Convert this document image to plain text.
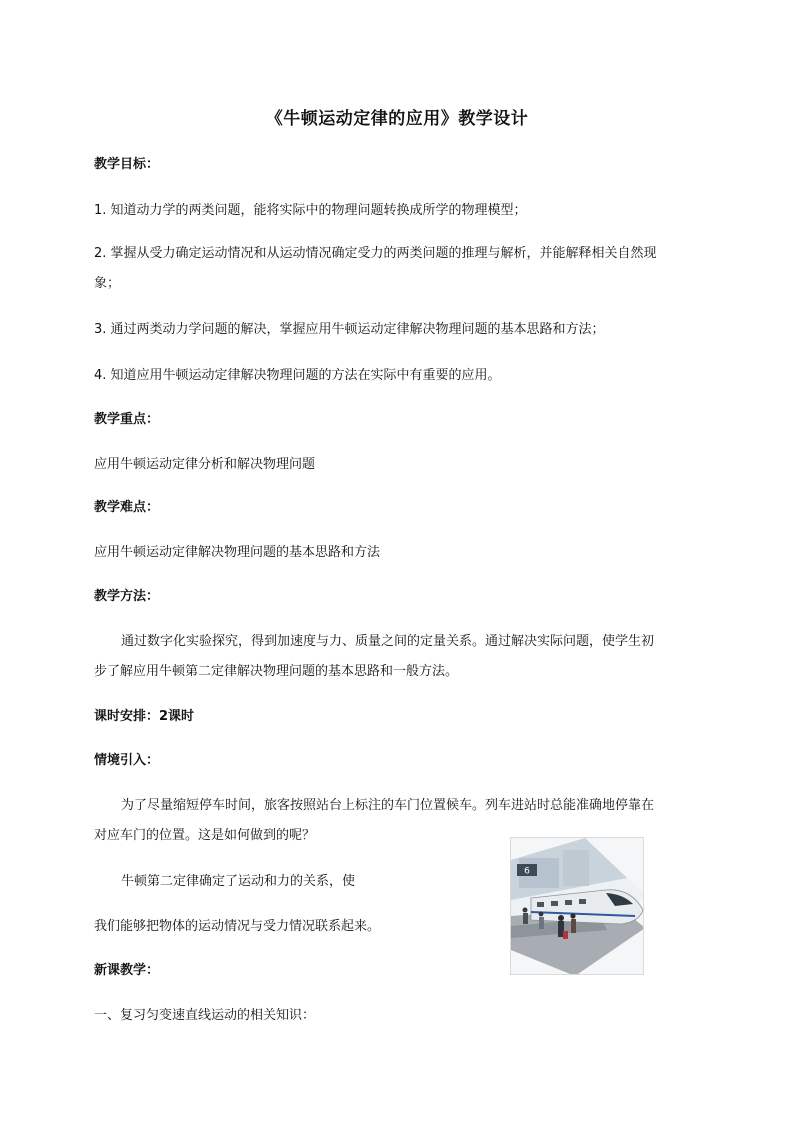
《牛顿运动定律的应用》教学设计
教学目标：
1. 知道动力学的两类问题，能将实际中的物理问题转换成所学的物理模型；
2. 掌握从受力确定运动情况和从运动情况确定受力的两类问题的推理与解析，并能解释相关自然现
象；
3. 通过两类动力学问题的解决，掌握应用牛顿运动定律解决物理问题的基本思路和方法；
4. 知道应用牛顿运动定律解决物理问题的方法在实际中有重要的应用。
教学重点：
应用牛顿运动定律分析和解决物理问题
教学难点：
应用牛顿运动定律解决物理问题的基本思路和方法
教学方法：
通过数字化实验探究，得到加速度与力、质量之间的定量关系。通过解决实际问题，使学生初
步了解应用牛顿第二定律解决物理问题的基本思路和一般方法。
课时安排：2课时
情境引入：
为了尽量缩短停车时间，旅客按照站台上标注的车门位置候车。列车进站时总能准确地停靠在
对应车门的位置。这是如何做到的呢？
牛顿第二定律确定了运动和力的关系，使
我们能够把物体的运动情况与受力情况联系起来。
新课教学：
一、复习匀变速直线运动的相关知识：
6
